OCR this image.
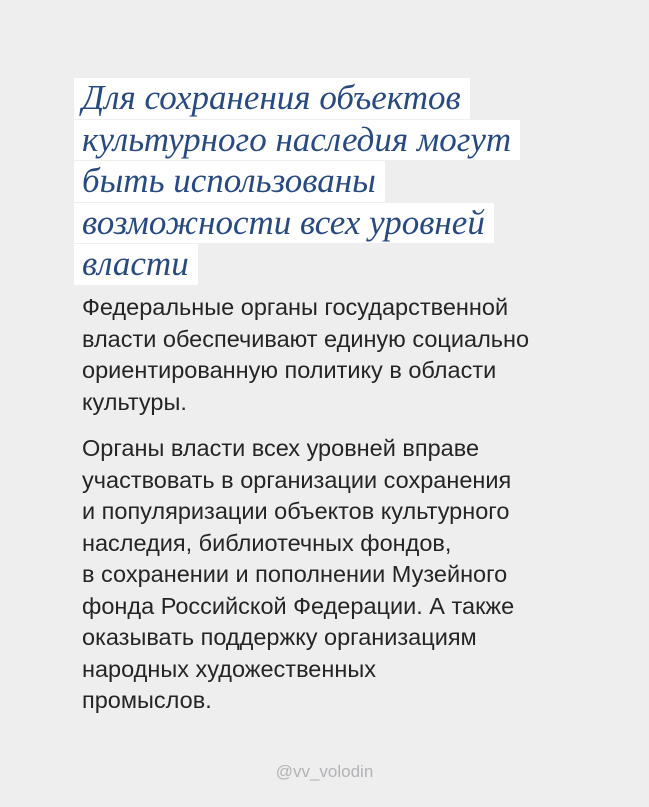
Для сохранения объектов
культурного наследия могут
быть использованы
возможности всех уровней
власти

Федеральные органы государственной
власти обеспечивают единую социально
ориентированную политику в области
культуры.

Органы власти всех уровней вправе
участвовать в организации сохранения
и популяризации объектов культурного
наследия, библиотечных фондов,
в сохранении и пополнении Музейного
фонда Российской Федерации. А также
оказывать поддержку организациям
народных художественных
промыслов.

@vv_volodin
